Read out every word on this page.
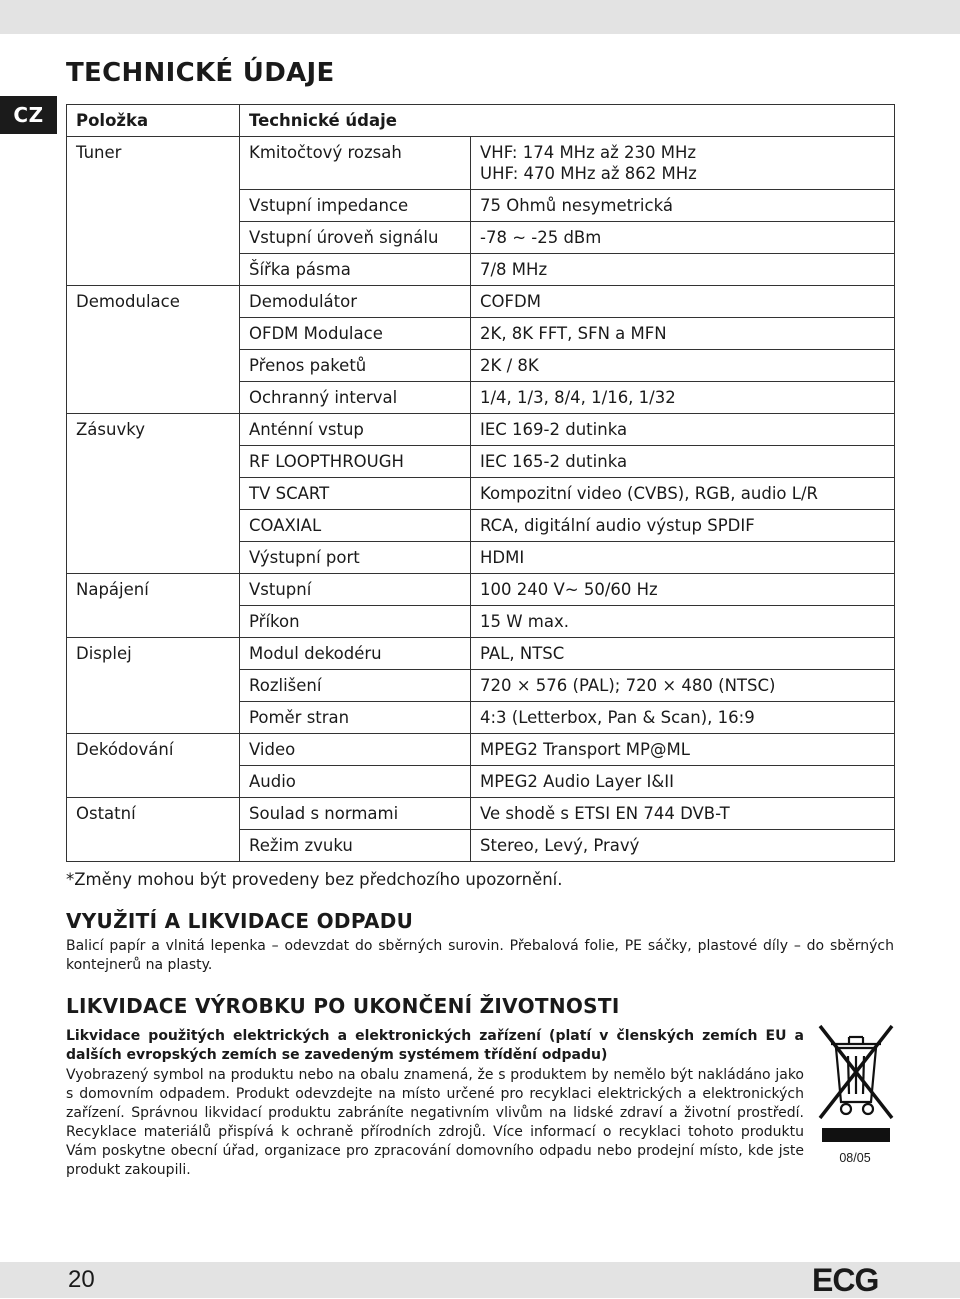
CZ
TECHNICKÉ ÚDAJE
Položka	Technické údaje	
Tuner	Kmitočtový rozsah	VHF: 174 MHz až 230 MHz
UHF: 470 MHz až 862 MHz

	Vstupní impedance	75 Ohmů nesymetrická

	Vstupní úroveň signálu	-78 ~ -25 dBm

	Šířka pásma	7/8 MHz

Demodulace	Demodulátor	COFDM

	OFDM Modulace	2K, 8K FFT, SFN a MFN

	Přenos paketů	2K / 8K

	Ochranný interval	1/4, 1/3, 8/4, 1/16, 1/32

Zásuvky	Anténní vstup	IEC 169-2 dutinka

	RF LOOPTHROUGH	IEC 165-2 dutinka

	TV SCART	Kompozitní video (CVBS), RGB, audio L/R

	COAXIAL	RCA, digitální audio výstup SPDIF

	Výstupní port	HDMI

Napájení	Vstupní	100 240 V~ 50/60 Hz

	Příkon	15 W max.

Displej	Modul dekodéru	PAL, NTSC

	Rozlišení	720 × 576 (PAL); 720 × 480 (NTSC)

	Poměr stran	4:3 (Letterbox, Pan & Scan), 16:9

Dekódování	Video	MPEG2 Transport MP@ML

	Audio	MPEG2 Audio Layer I&II

Ostatní	Soulad s normami	Ve shodě s ETSI EN 744 DVB-T

	Režim zvuku	Stereo, Levý, Pravý
*Změny mohou být provedeny bez předchozího upozornění.
VYUŽITÍ A LIKVIDACE ODPADU

Balicí papír a vlnitá lepenka – odevzdat do sběrných surovin. Přebalová folie, PE sáčky, plastové díly – do sběrných kontejnerů na plasty.

LIKVIDACE VÝROBKU PO UKONČENÍ ŽIVOTNOSTI

Likvidace použitých elektrických a elektronických zařízení (platí v členských zemích EU a dalších evropských zemích se zavedeným systémem třídění odpadu)

Vyobrazený symbol na produktu nebo na obalu znamená, že s produktem by nemělo být nakládáno jako s domovním odpadem. Produkt odevzdejte na místo určené pro recyklaci elektrických a elektronických zařízení. Správnou likvidací produktu zabráníte negativním vlivům na lidské zdraví a životní prostředí. Recyklace materiálů přispívá k ochraně přírodních zdrojů. Více informací o recyklaci tohoto produktu Vám poskytne obecní úřad, organizace pro zpracování domovního odpadu nebo prodejní místo, kde jste produkt zakoupili.

08/05
20	ECG
